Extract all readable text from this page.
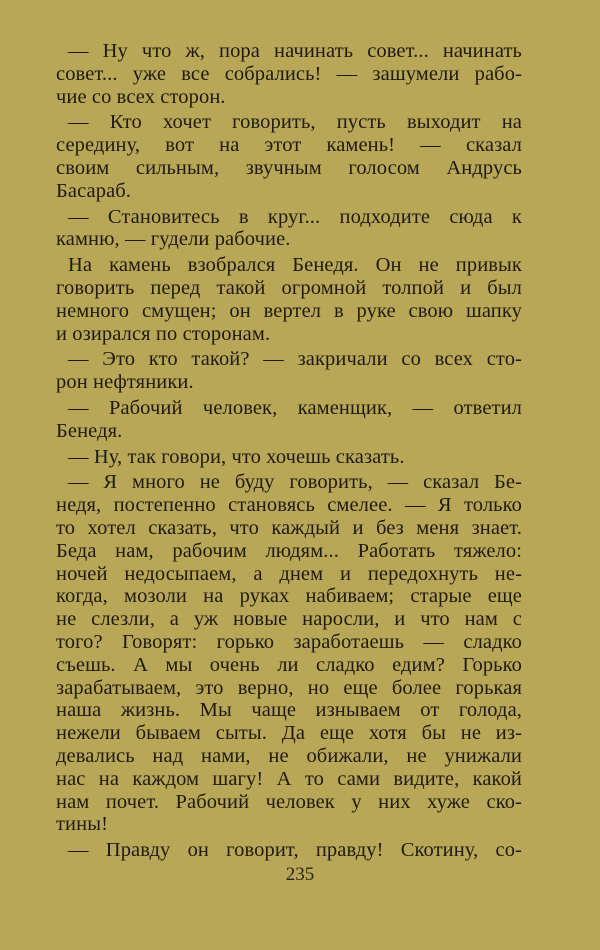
— Ну что ж, пора начинать совет... начинать
совет... уже все собрались! — зашумели рабо-
чие со всех сторон.
— Кто хочет говорить, пусть выходит на
середину, вот на этот камень! — сказал
своим сильным, звучным голосом Андрусь
Басараб.
— Становитесь в круг... подходите сюда к
камню, — гудели рабочие.
На камень взобрался Бенедя. Он не привык
говорить перед такой огромной толпой и был
немного смущен; он вертел в руке свою шапку
и озирался по сторонам.
— Это кто такой? — закричали со всех сто-
рон нефтяники.
— Рабочий человек, каменщик, — ответил
Бенедя.
— Ну, так говори, что хочешь сказать.
— Я много не буду говорить, — сказал Бе-
недя, постепенно становясь смелее. — Я только
то хотел сказать, что каждый и без меня знает.
Беда нам, рабочим людям... Работать тяжело:
ночей недосыпаем, а днем и передохнуть не-
когда, мозоли на руках набиваем; старые еще
не слезли, а уж новые наросли, и что нам с
того? Говорят: горько заработаешь — сладко
съешь. А мы очень ли сладко едим? Горько
зарабатываем, это верно, но еще более горькая
наша жизнь. Мы чаще изнываем от голода,
нежели бываем сыты. Да еще хотя бы не из-
девались над нами, не обижали, не унижали
нас на каждом шагу! А то сами видите, какой
нам почет. Рабочий человек у них хуже ско-
тины!
— Правду он говорит, правду! Скотину, со-
235
